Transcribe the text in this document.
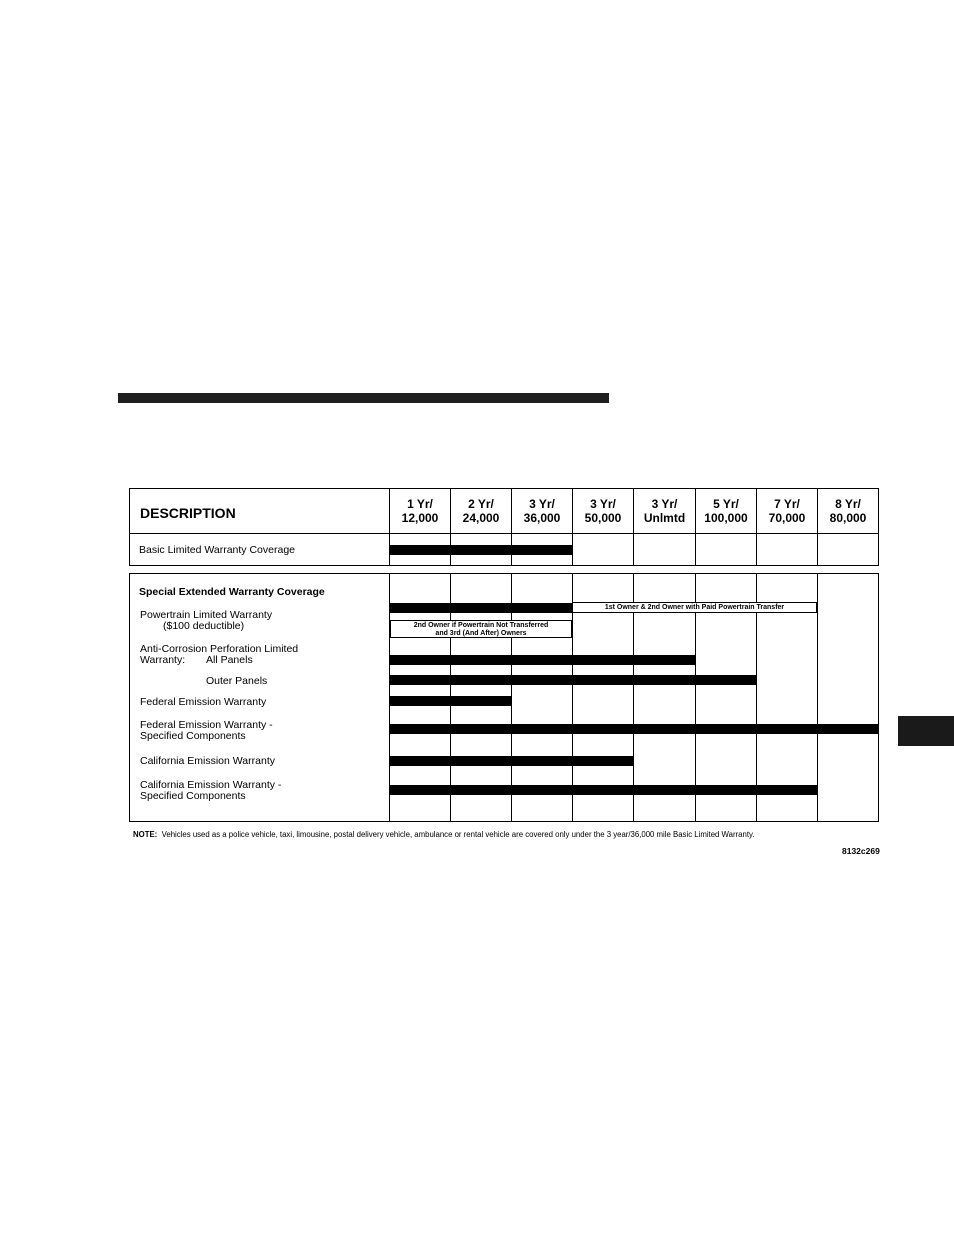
DESCRIPTION
1 Yr/
12,000
2 Yr/
24,000
3 Yr/
36,000
3 Yr/
50,000
3 Yr/
Unlmtd
5 Yr/
100,000
7 Yr/
70,000
8 Yr/
80,000
Basic Limited Warranty Coverage
Special Extended Warranty Coverage
Powertrain Limited Warranty
($100 deductible)
1st Owner & 2nd Owner with Paid Powertrain Transfer
2nd Owner if Powertrain Not Transferred
and 3rd (And After) Owners
Anti-Corrosion Perforation Limited
Warranty: All Panels
Outer Panels
Federal Emission Warranty
Federal Emission Warranty -
Specified Components
California Emission Warranty
California Emission Warranty -
Specified Components
NOTE: Vehicles used as a police vehicle, taxi, limousine, postal delivery vehicle, ambulance or rental vehicle are covered only under the 3 year/36,000 mile Basic Limited Warranty.
8132c269
